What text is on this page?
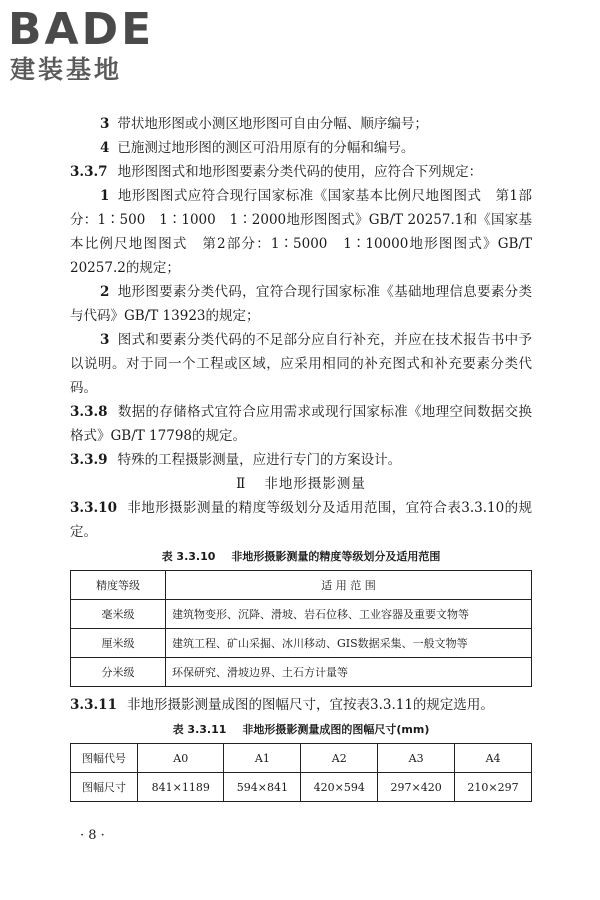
BADE
建装基地

3 带状地形图或小测区地形图可自由分幅、顺序编号；

4 已施测过地形图的测区可沿用原有的分幅和编号。

3.3.7 地形图图式和地形图要素分类代码的使用，应符合下列规定：

1 地形图图式应符合现行国家标准《国家基本比例尺地图图式　第1部分：1∶500　1∶1000　1∶2000地形图图式》GB/T 20257.1和《国家基本比例尺地图图式　第2部分：1∶5000　1∶10000地形图图式》GB/T 20257.2的规定；

2 地形图要素分类代码，宜符合现行国家标准《基础地理信息要素分类与代码》GB/T 13923的规定；

3 图式和要素分类代码的不足部分应自行补充，并应在技术报告书中予以说明。对于同一个工程或区域，应采用相同的补充图式和补充要素分类代码。

3.3.8 数据的存储格式宜符合应用需求或现行国家标准《地理空间数据交换格式》GB/T 17798的规定。

3.3.9 特殊的工程摄影测量，应进行专门的方案设计。

Ⅱ 非地形摄影测量

3.3.10 非地形摄影测量的精度等级划分及适用范围，宜符合表3.3.10的规定。

表 3.3.10 非地形摄影测量的精度等级划分及适用范围
精度等级	适 用 范 围
毫米级	建筑物变形、沉降、滑坡、岩石位移、工业容器及重要文物等
厘米级	建筑工程、矿山采掘、冰川移动、GIS数据采集、一般文物等
分米级	环保研究、滑坡边界、土石方计量等

3.3.11 非地形摄影测量成图的图幅尺寸，宜按表3.3.11的规定选用。

表 3.3.11 非地形摄影测量成图的图幅尺寸(mm)
图幅代号	A0	A1	A2	A3	A4
图幅尺寸	841×1189	594×841	420×594	297×420	210×297
· 8 ·
